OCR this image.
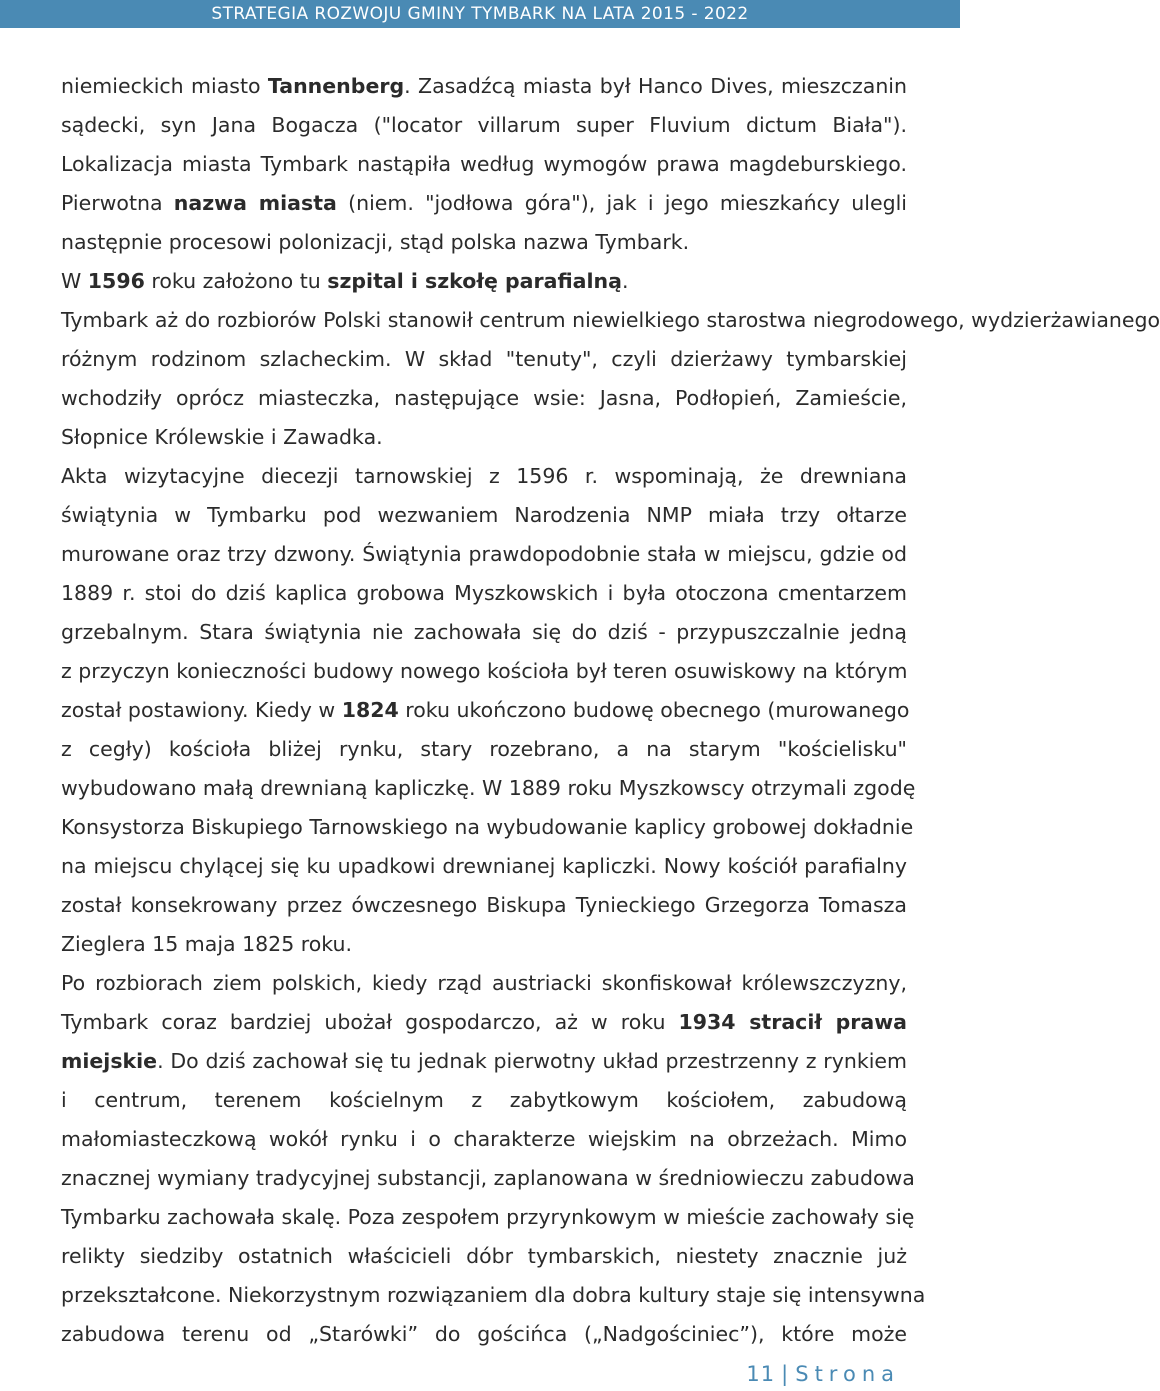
STRATEGIA ROZWOJU GMINY TYMBARK NA LATA 2015 - 2022
niemieckich miasto Tannenberg. Zasadźcą miasta był Hanco Dives, mieszczanin
sądecki, syn Jana Bogacza ("locator villarum super Fluvium dictum Biała").
Lokalizacja miasta Tymbark nastąpiła według wymogów prawa magdeburskiego.
Pierwotna nazwa miasta (niem. "jodłowa góra"), jak i jego mieszkańcy ulegli
następnie procesowi polonizacji, stąd polska nazwa Tymbark.
W 1596 roku założono tu szpital i szkołę parafialną.
Tymbark aż do rozbiorów Polski stanowił centrum niewielkiego starostwa niegrodowego, wydzierżawianego
różnym rodzinom szlacheckim. W skład "tenuty", czyli dzierżawy tymbarskiej
wchodziły oprócz miasteczka, następujące wsie: Jasna, Podłopień, Zamieście,
Słopnice Królewskie i Zawadka.
Akta wizytacyjne diecezji tarnowskiej z 1596 r. wspominają, że drewniana
świątynia w Tymbarku pod wezwaniem Narodzenia NMP miała trzy ołtarze
murowane oraz trzy dzwony. Świątynia prawdopodobnie stała w miejscu, gdzie od
1889 r. stoi do dziś kaplica grobowa Myszkowskich i była otoczona cmentarzem
grzebalnym. Stara świątynia nie zachowała się do dziś - przypuszczalnie jedną
z przyczyn konieczności budowy nowego kościoła był teren osuwiskowy na którym
został postawiony. Kiedy w 1824 roku ukończono budowę obecnego (murowanego
z cegły) kościoła bliżej rynku, stary rozebrano, a na starym "kościelisku"
wybudowano małą drewnianą kapliczkę. W 1889 roku Myszkowscy otrzymali zgodę
Konsystorza Biskupiego Tarnowskiego na wybudowanie kaplicy grobowej dokładnie
na miejscu chylącej się ku upadkowi drewnianej kapliczki. Nowy kościół parafialny
został konsekrowany przez ówczesnego Biskupa Tynieckiego Grzegorza Tomasza
Zieglera 15 maja 1825 roku.
Po rozbiorach ziem polskich, kiedy rząd austriacki skonfiskował królewszczyzny,
Tymbark coraz bardziej ubożał gospodarczo, aż w roku 1934 stracił prawa
miejskie. Do dziś zachował się tu jednak pierwotny układ przestrzenny z rynkiem
i centrum, terenem kościelnym z zabytkowym kościołem, zabudową
małomiasteczkową wokół rynku i o charakterze wiejskim na obrzeżach. Mimo
znacznej wymiany tradycyjnej substancji, zaplanowana w średniowieczu zabudowa
Tymbarku zachowała skalę. Poza zespołem przyrynkowym w mieście zachowały się
relikty siedziby ostatnich właścicieli dóbr tymbarskich, niestety znacznie już
przekształcone. Niekorzystnym rozwiązaniem dla dobra kultury staje się intensywna
zabudowa terenu od „Starówki” do gościńca („Nadgościniec”), które może
11 | Strona
